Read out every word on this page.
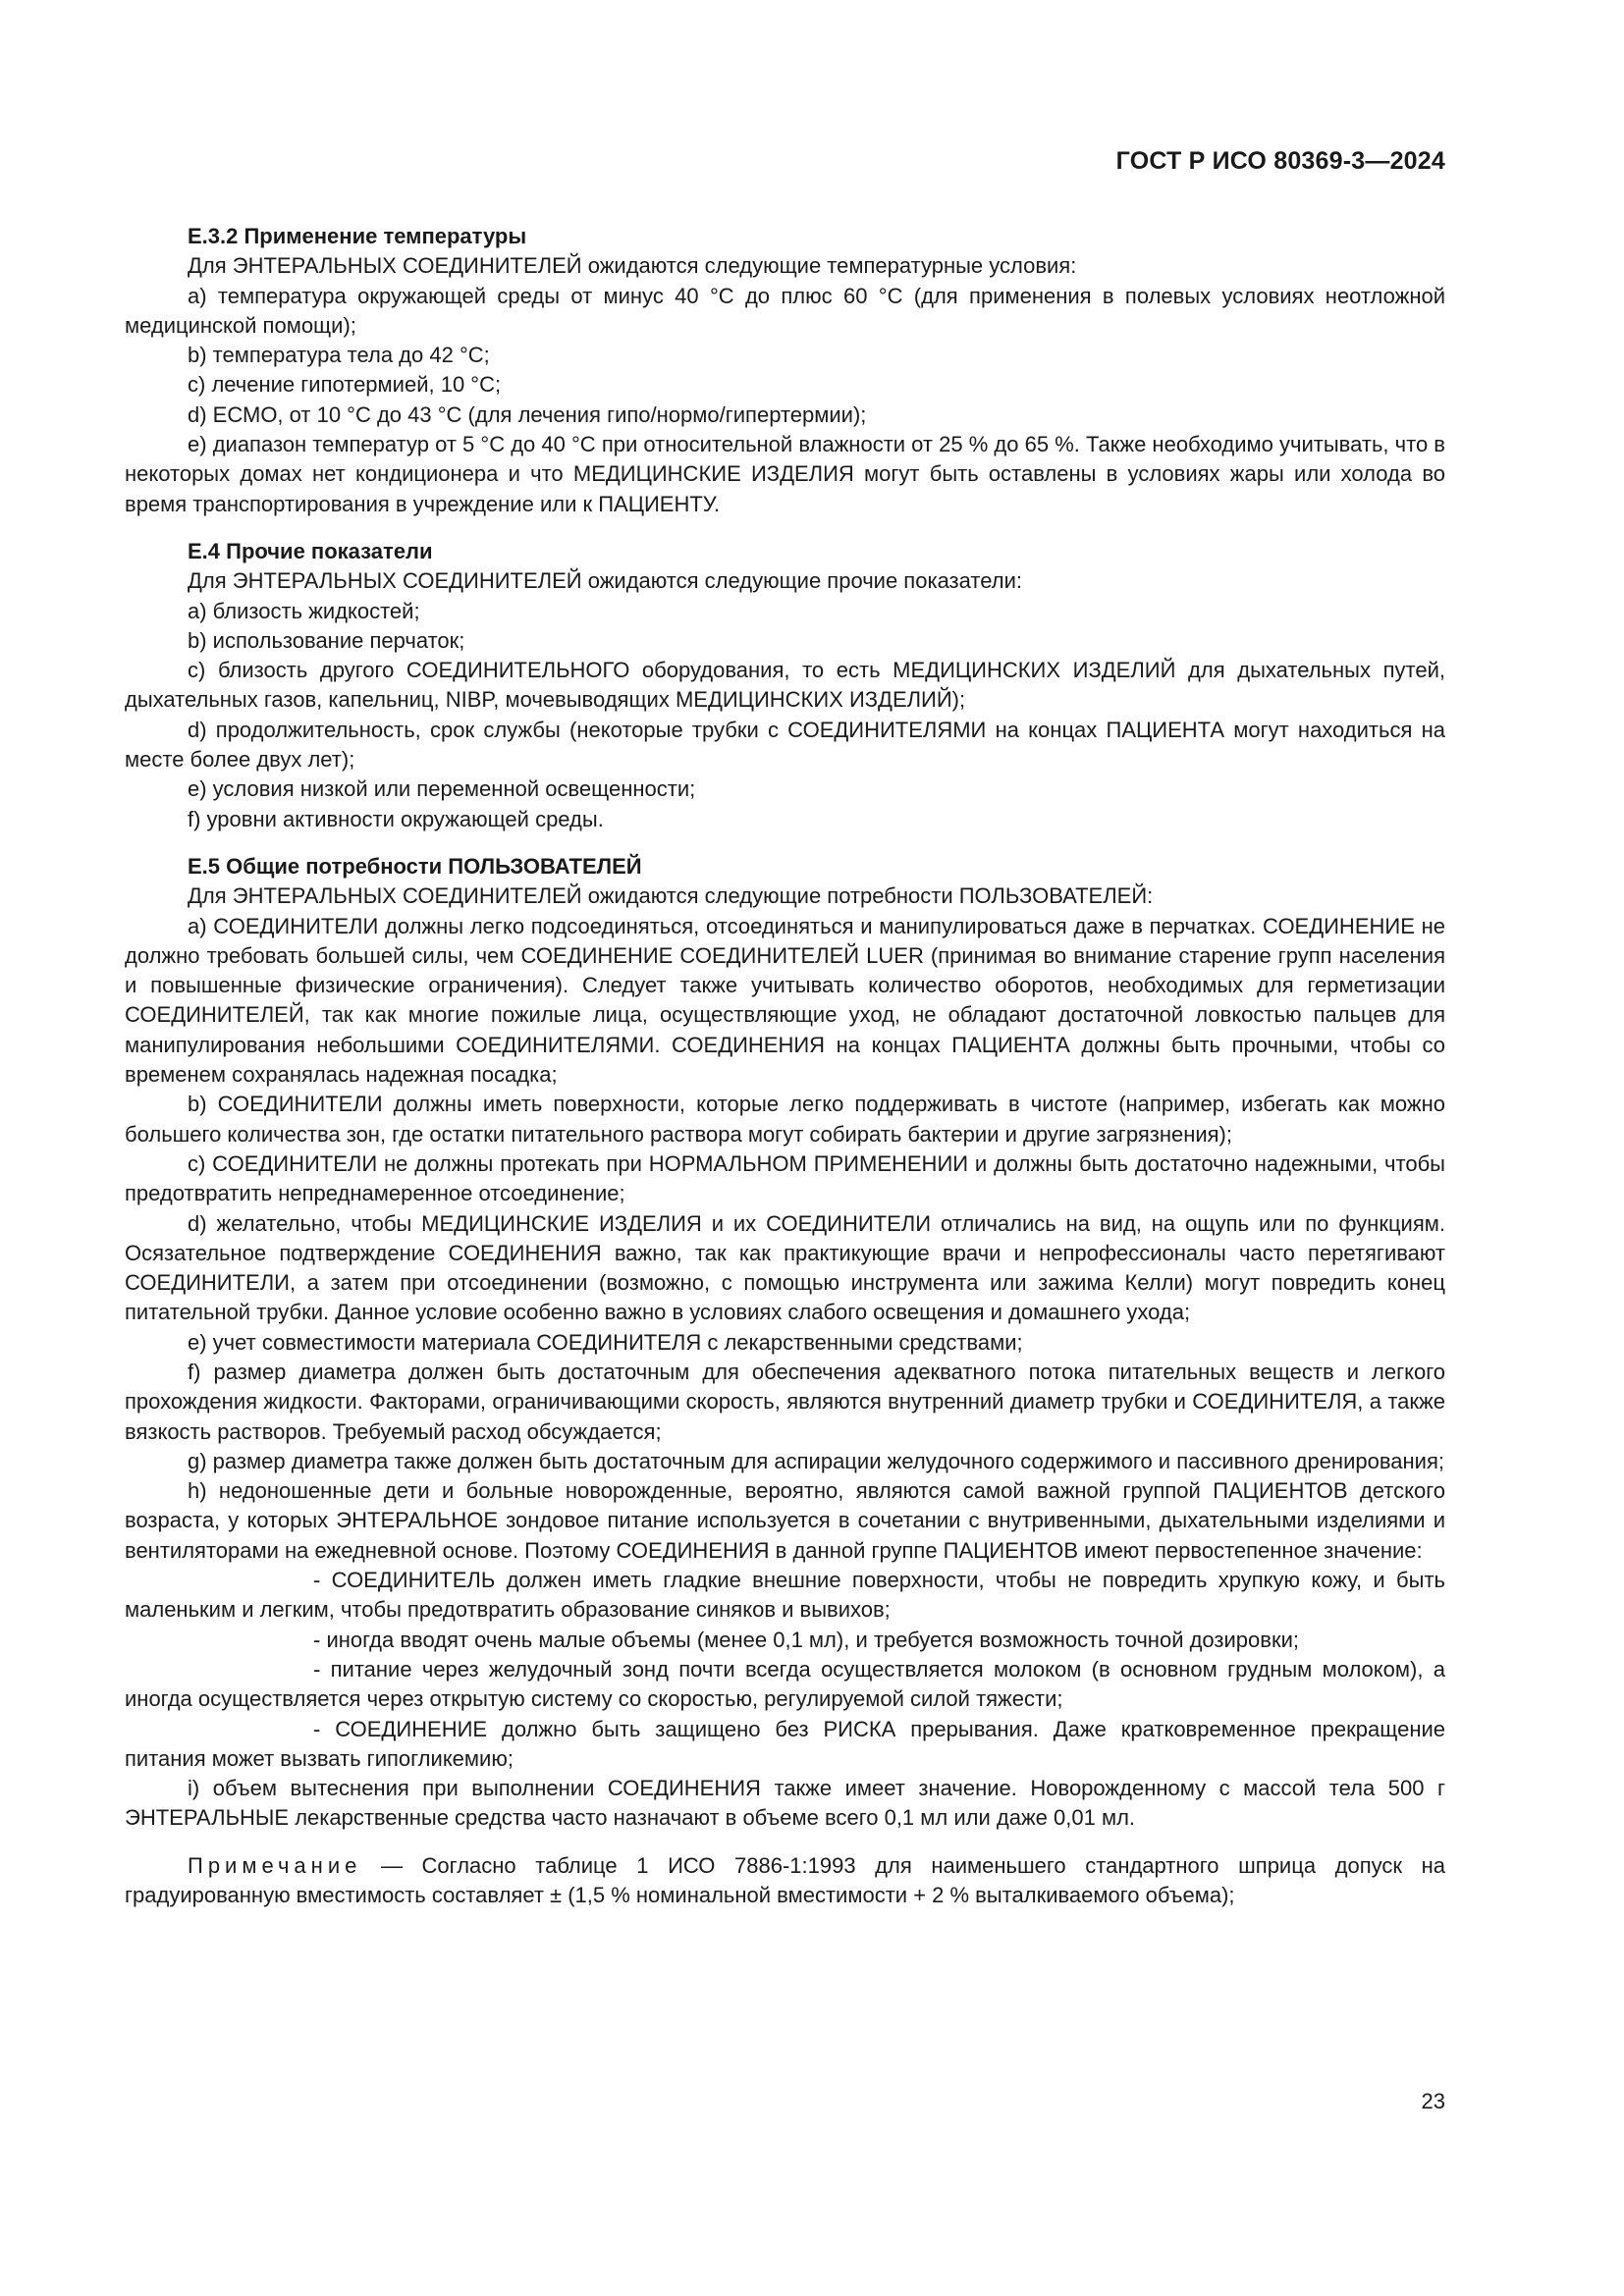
ГОСТ Р ИСО 80369-3—2024
Е.3.2 Применение температуры

Для ЭНТЕРАЛЬНЫХ СОЕДИНИТЕЛЕЙ ожидаются следующие температурные условия:

а) температура окружающей среды от минус 40 °С до плюс 60 °С (для применения в полевых условиях неотложной медицинской помощи);

b) температура тела до 42 °С;

с) лечение гипотермией, 10 °С;

d) ЕСМО, от 10 °С до 43 °С (для лечения гипо/нормо/гипертермии);

е) диапазон температур от 5 °С до 40 °С при относительной влажности от 25 % до 65 %. Также необходимо учитывать, что в некоторых домах нет кондиционера и что МЕДИЦИНСКИЕ ИЗДЕЛИЯ могут быть оставлены в условиях жары или холода во время транспортирования в учреждение или к ПАЦИЕНТУ.

Е.4 Прочие показатели

Для ЭНТЕРАЛЬНЫХ СОЕДИНИТЕЛЕЙ ожидаются следующие прочие показатели:

а) близость жидкостей;

b) использование перчаток;

с) близость другого СОЕДИНИТЕЛЬНОГО оборудования, то есть МЕДИЦИНСКИХ ИЗДЕЛИЙ для дыхательных путей, дыхательных газов, капельниц, NIBP, мочевыводящих МЕДИЦИНСКИХ ИЗДЕЛИЙ);

d) продолжительность, срок службы (некоторые трубки с СОЕДИНИТЕЛЯМИ на концах ПАЦИЕНТА могут находиться на месте более двух лет);

е) условия низкой или переменной освещенности;

f) уровни активности окружающей среды.

Е.5 Общие потребности ПОЛЬЗОВАТЕЛЕЙ

Для ЭНТЕРАЛЬНЫХ СОЕДИНИТЕЛЕЙ ожидаются следующие потребности ПОЛЬЗОВАТЕЛЕЙ:

а) СОЕДИНИТЕЛИ должны легко подсоединяться, отсоединяться и манипулироваться даже в перчатках. СОЕДИНЕНИЕ не должно требовать большей силы, чем СОЕДИНЕНИЕ СОЕДИНИТЕЛЕЙ LUER (принимая во внимание старение групп населения и повышенные физические ограничения). Следует также учитывать количество оборотов, необходимых для герметизации СОЕДИНИТЕЛЕЙ, так как многие пожилые лица, осуществляющие уход, не обладают достаточной ловкостью пальцев для манипулирования небольшими СОЕДИНИТЕЛЯМИ. СОЕДИНЕНИЯ на концах ПАЦИЕНТА должны быть прочными, чтобы со временем сохранялась надежная посадка;

b) СОЕДИНИТЕЛИ должны иметь поверхности, которые легко поддерживать в чистоте (например, избегать как можно большего количества зон, где остатки питательного раствора могут собирать бактерии и другие загрязнения);

с) СОЕДИНИТЕЛИ не должны протекать при НОРМАЛЬНОМ ПРИМЕНЕНИИ и должны быть достаточно надежными, чтобы предотвратить непреднамеренное отсоединение;

d) желательно, чтобы МЕДИЦИНСКИЕ ИЗДЕЛИЯ и их СОЕДИНИТЕЛИ отличались на вид, на ощупь или по функциям. Осязательное подтверждение СОЕДИНЕНИЯ важно, так как практикующие врачи и непрофессионалы часто перетягивают СОЕДИНИТЕЛИ, а затем при отсоединении (возможно, с помощью инструмента или зажима Келли) могут повредить конец питательной трубки. Данное условие особенно важно в условиях слабого освещения и домашнего ухода;

е) учет совместимости материала СОЕДИНИТЕЛЯ с лекарственными средствами;

f) размер диаметра должен быть достаточным для обеспечения адекватного потока питательных веществ и легкого прохождения жидкости. Факторами, ограничивающими скорость, являются внутренний диаметр трубки и СОЕДИНИТЕЛЯ, а также вязкость растворов. Требуемый расход обсуждается;

g) размер диаметра также должен быть достаточным для аспирации желудочного содержимого и пассивного дренирования;

h) недоношенные дети и больные новорожденные, вероятно, являются самой важной группой ПАЦИЕНТОВ детского возраста, у которых ЭНТЕРАЛЬНОЕ зондовое питание используется в сочетании с внутривенными, дыхательными изделиями и вентиляторами на ежедневной основе. Поэтому СОЕДИНЕНИЯ в данной группе ПАЦИЕНТОВ имеют первостепенное значение:

- СОЕДИНИТЕЛЬ должен иметь гладкие внешние поверхности, чтобы не повредить хрупкую кожу, и быть маленьким и легким, чтобы предотвратить образование синяков и вывихов;

- иногда вводят очень малые объемы (менее 0,1 мл), и требуется возможность точной дозировки;

- питание через желудочный зонд почти всегда осуществляется молоком (в основном грудным молоком), а иногда осуществляется через открытую систему со скоростью, регулируемой силой тяжести;

- СОЕДИНЕНИЕ должно быть защищено без РИСКА прерывания. Даже кратковременное прекращение питания может вызвать гипогликемию;

i) объем вытеснения при выполнении СОЕДИНЕНИЯ также имеет значение. Новорожденному с массой тела 500 г ЭНТЕРАЛЬНЫЕ лекарственные средства часто назначают в объеме всего 0,1 мл или даже 0,01 мл.

Примечание — Согласно таблице 1 ИСО 7886-1:1993 для наименьшего стандартного шприца допуск на градуированную вместимость составляет ± (1,5 % номинальной вместимости + 2 % выталкиваемого объема);

23
